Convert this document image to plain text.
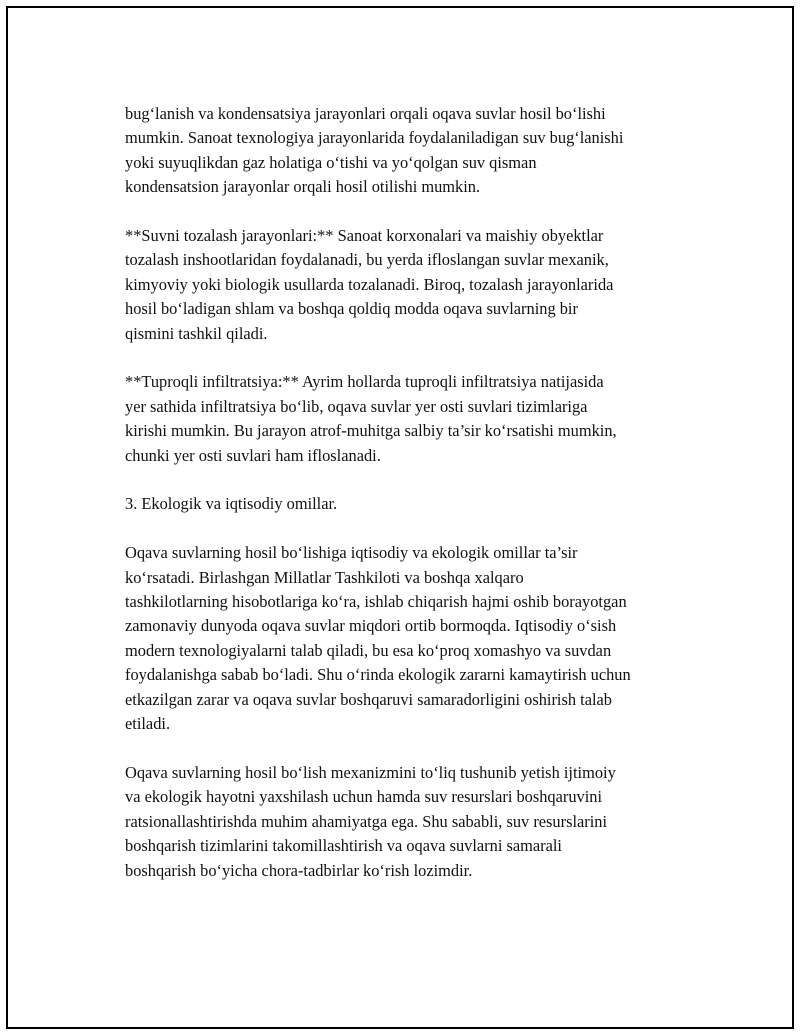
bug‘lanish va kondensatsiya jarayonlari orqali oqava suvlar hosil bo‘lishi
mumkin. Sanoat texnologiya jarayonlarida foydalaniladigan suv bug‘lanishi
yoki suyuqlikdan gaz holatiga o‘tishi va yo‘qolgan suv qisman
kondensatsion jarayonlar orqali hosil otilishi mumkin.

**Suvni tozalash jarayonlari:** Sanoat korxonalari va maishiy obyektlar
tozalash inshootlaridan foydalanadi, bu yerda ifloslangan suvlar mexanik,
kimyoviy yoki biologik usullarda tozalanadi. Biroq, tozalash jarayonlarida
hosil bo‘ladigan shlam va boshqa qoldiq modda oqava suvlarning bir
qismini tashkil qiladi.

**Tuproqli infiltratsiya:** Ayrim hollarda tuproqli infiltratsiya natijasida
yer sathida infiltratsiya bo‘lib, oqava suvlar yer osti suvlari tizimlariga
kirishi mumkin. Bu jarayon atrof-muhitga salbiy ta’sir ko‘rsatishi mumkin,
chunki yer osti suvlari ham ifloslanadi.

3. Ekologik va iqtisodiy omillar.

Oqava suvlarning hosil bo‘lishiga iqtisodiy va ekologik omillar ta’sir
ko‘rsatadi. Birlashgan Millatlar Tashkiloti va boshqa xalqaro
tashkilotlarning hisobotlariga ko‘ra, ishlab chiqarish hajmi oshib borayotgan
zamonaviy dunyoda oqava suvlar miqdori ortib bormoqda. Iqtisodiy o‘sish
modern texnologiyalarni talab qiladi, bu esa ko‘proq xomashyo va suvdan
foydalanishga sabab bo‘ladi. Shu o‘rinda ekologik zararni kamaytirish uchun
etkazilgan zarar va oqava suvlar boshqaruvi samaradorligini oshirish talab
etiladi.

Oqava suvlarning hosil bo‘lish mexanizmini to‘liq tushunib yetish ijtimoiy
va ekologik hayotni yaxshilash uchun hamda suv resurslari boshqaruvini
ratsionallashtirishda muhim ahamiyatga ega. Shu sababli, suv resurslarini
boshqarish tizimlarini takomillashtirish va oqava suvlarni samarali
boshqarish bo‘yicha chora-tadbirlar ko‘rish lozimdir.
